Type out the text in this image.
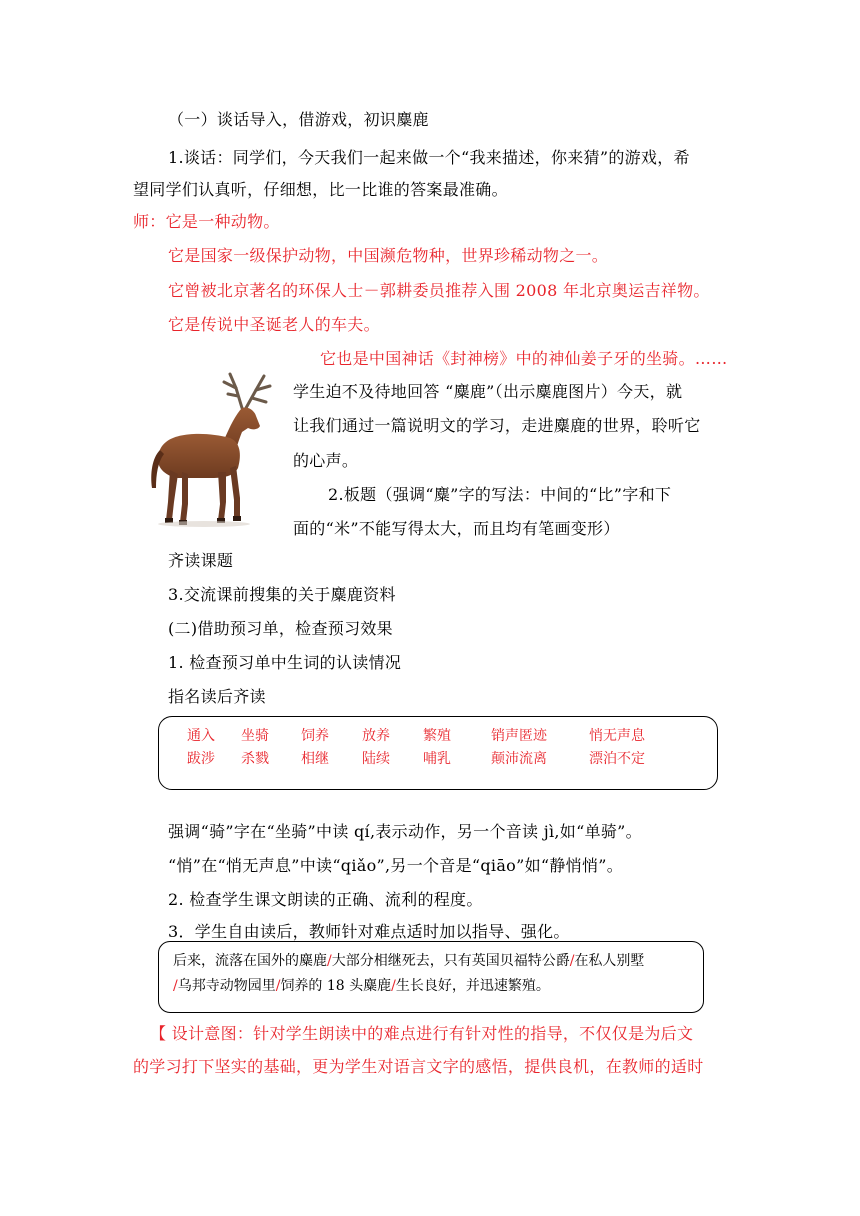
（一）谈话导入，借游戏，初识麋鹿
1.谈话：同学们，今天我们一起来做一个“我来描述，你来猜”的游戏，希
望同学们认真听，仔细想，比一比谁的答案最准确。
师：它是一种动物。
它是国家一级保护动物，中国濒危物种，世界珍稀动物之一。
它曾被北京著名的环保人士－郭耕委员推荐入围 2008 年北京奥运吉祥物。
它是传说中圣诞老人的车夫。
它也是中国神话《封神榜》中的神仙姜子牙的坐骑。……
学生迫不及待地回答 “麋鹿”（出示麋鹿图片）今天，就
让我们通过一篇说明文的学习，走进麋鹿的世界，聆听它
的心声。
2.板题（强调“麋”字的写法：中间的“比”字和下
面的“米”不能写得太大，而且均有笔画变形）
齐读课题
3.交流课前搜集的关于麋鹿资料
(二)借助预习单，检查预习效果
1. 检查预习单中生词的认读情况
指名读后齐读
通入 坐骑 饲养 放养 繁殖	销声匿迹	悄无声息
跋涉 杀戮 相继 陆续 哺乳	颠沛流离	漂泊不定
强调“骑”字在“坐骑”中读 qí,表示动作，另一个音读 jì,如“单骑”。
“悄”在“悄无声息”中读“qiǎo”,另一个音是“qiāo”如“静悄悄”。
2. 检查学生课文朗读的正确、流利的程度。
3．学生自由读后，教师针对难点适时加以指导、强化。
后来，流落在国外的麋鹿/大部分相继死去，只有英国贝福特公爵/在私人别墅
/乌邦寺动物园里/饲养的 18 头麋鹿/生长良好，并迅速繁殖。
【 设计意图：针对学生朗读中的难点进行有针对性的指导，不仅仅是为后文
的学习打下坚实的基础，更为学生对语言文字的感悟，提供良机，在教师的适时
